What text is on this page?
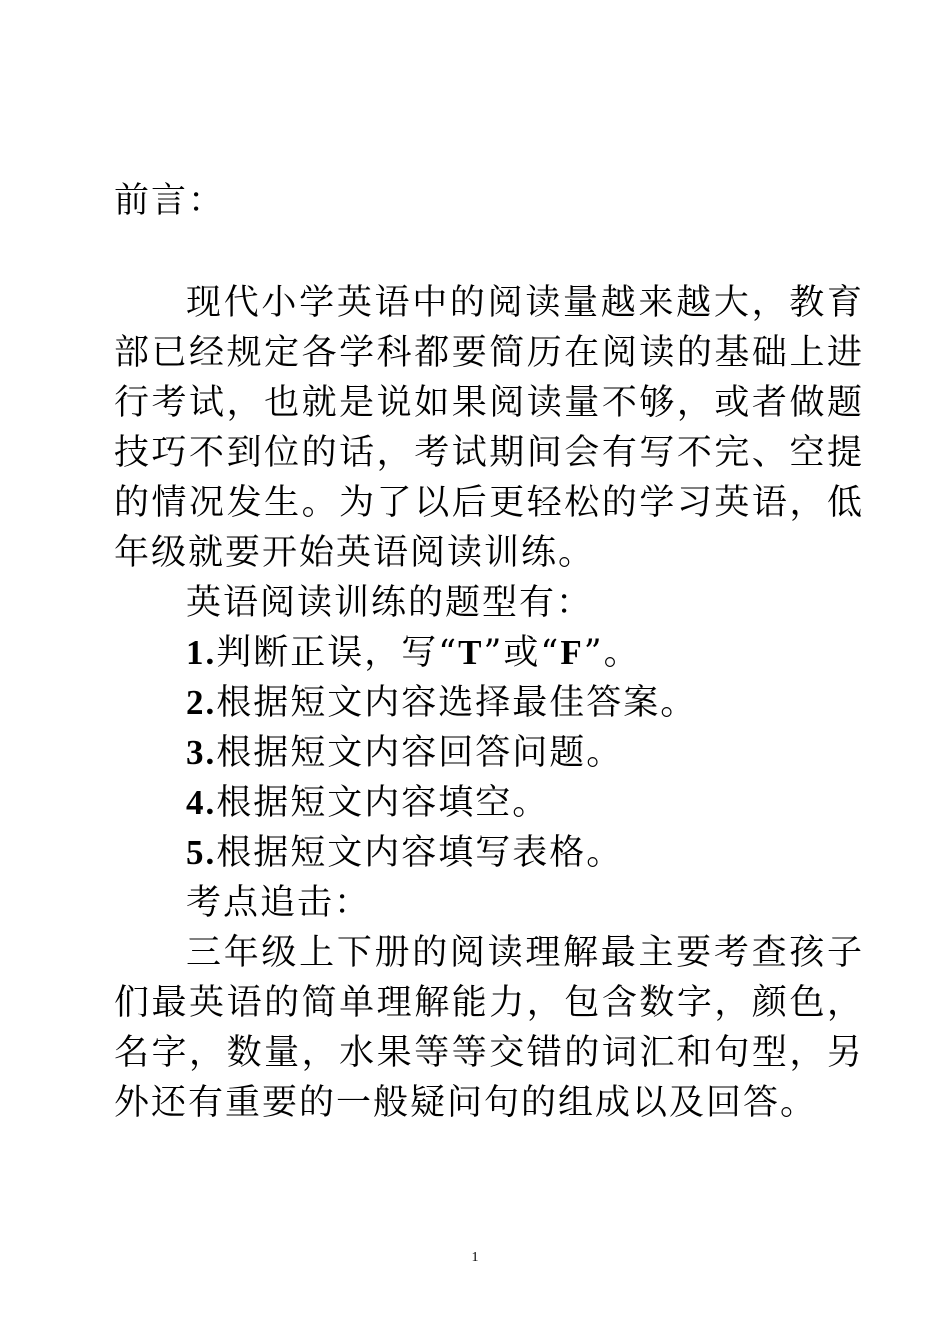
前言：

现代小学英语中的阅读量越来越大，教育部已经规定各学科都要简历在阅读的基础上进行考试，也就是说如果阅读量不够，或者做题技巧不到位的话，考试期间会有写不完、空提的情况发生。为了以后更轻松的学习英语，低年级就要开始英语阅读训练。

英语阅读训练的题型有：

1.判断正误，写“T”或“F”。

2.根据短文内容选择最佳答案。

3.根据短文内容回答问题。

4.根据短文内容填空。

5.根据短文内容填写表格。

考点追击：

三年级上下册的阅读理解最主要考查孩子们最英语的简单理解能力，包含数字，颜色，名字，数量，水果等等交错的词汇和句型，另外还有重要的一般疑问句的组成以及回答。

1
